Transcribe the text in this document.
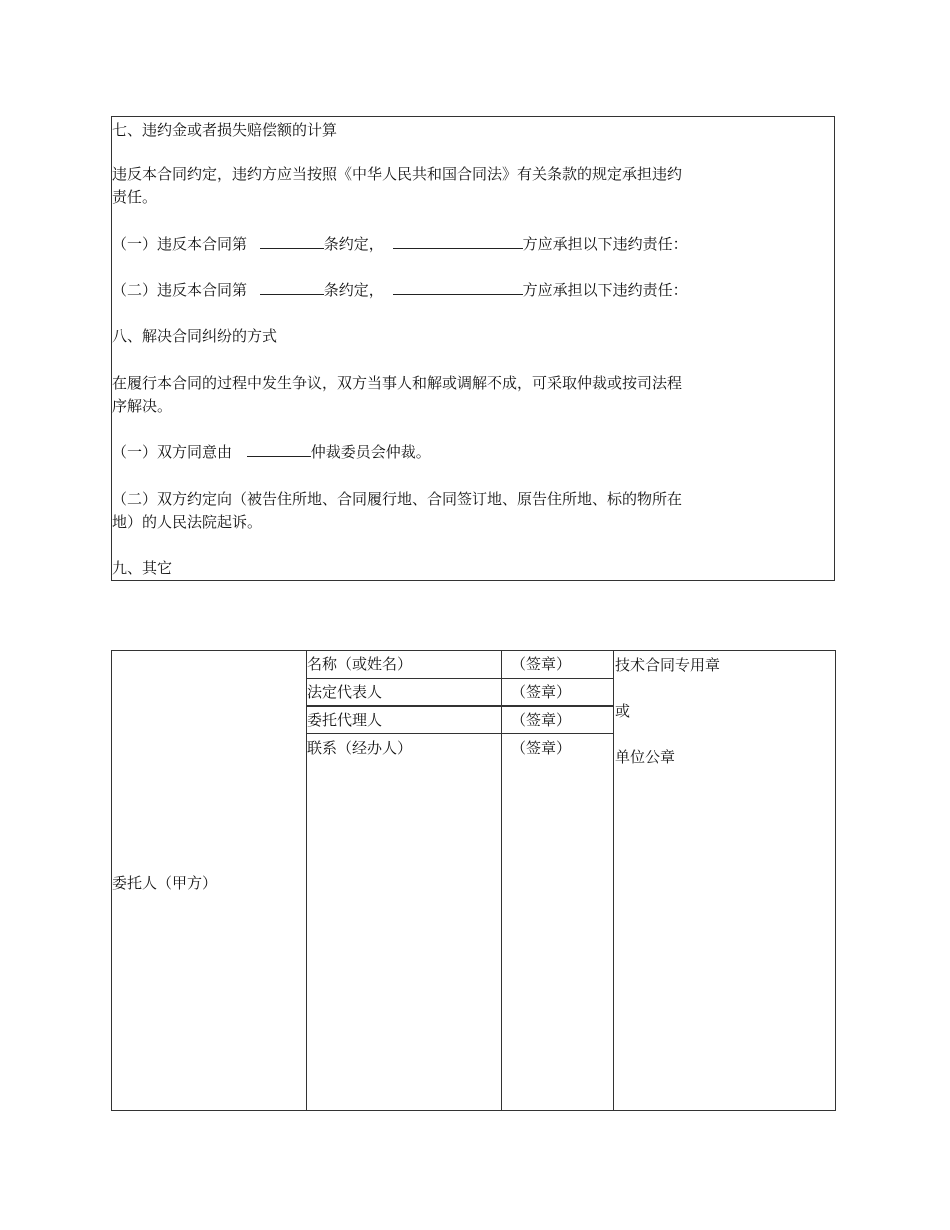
七、违约金或者损失赔偿额的计算
违反本合同约定，违约方应当按照《中华人民共和国合同法》有关条款的规定承担违约
责任。
（一）违反本合同第	条约定，	方应承担以下违约责任：
（二）违反本合同第	条约定，	方应承担以下违约责任：
八、解决合同纠纷的方式
在履行本合同的过程中发生争议，双方当事人和解或调解不成，可采取仲裁或按司法程
序解决。
（一）双方同意由	仲裁委员会仲裁。
（二）双方约定向（被告住所地、合同履行地、合同签订地、原告住所地、标的物所在
地）的人民法院起诉。
九、其它
委托人（甲方）
名称（或姓名）	（签章）
法定代表人	（签章）
委托代理人	（签章）
联系（经办人）	（签章）
技术合同专用章
或
单位公章
